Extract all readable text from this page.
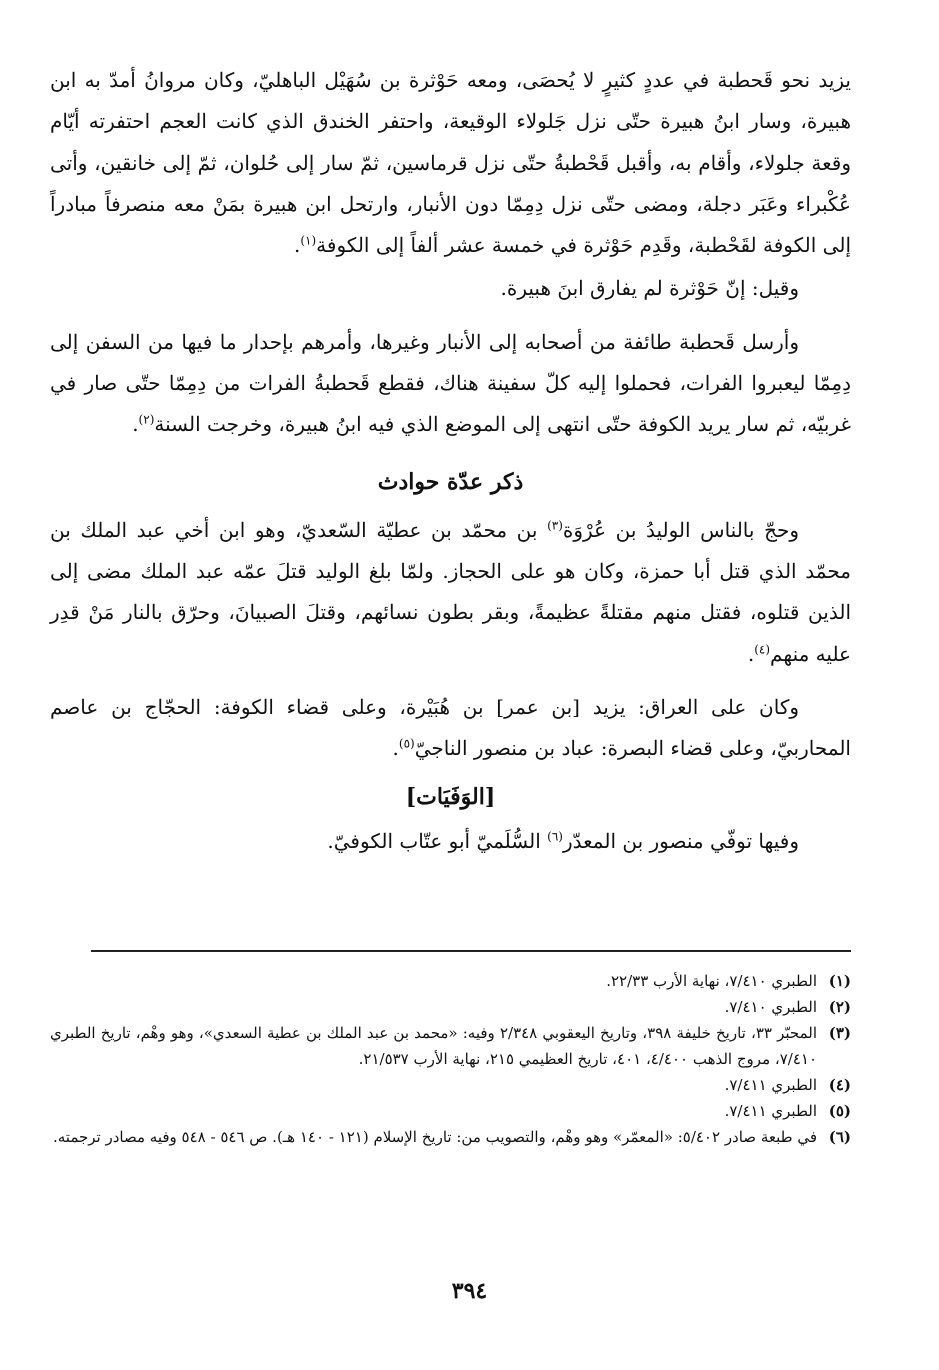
يزيد نحو قَحطبة في عددٍ كثيرٍ لا يُحصَى، ومعه حَوْثرة بن سُهَيْل الباهليّ، وكان مروانُ أمدّ به ابن هبيرة، وسار ابنُ هبيرة حتّى نزل جَلولاء الوقيعة، واحتفر الخندق الذي كانت العجم احتفرته أيّام وقعة جلولاء، وأقام به، وأقبل قَحْطبةُ حتّى نزل قرماسين، ثمّ سار إلى حُلوان، ثمّ إلى خانقين، وأتى عُكْبراء وعَبَر دجلة، ومضى حتّى نزل دِمِمّا دون الأنبار، وارتحل ابن هبيرة بمَنْ معه منصرفاً مبادراً إلى الكوفة لقَحْطبة، وقَدِم حَوْثرة في خمسة عشر ألفاً إلى الكوفة$^{(١)}$.

وقيل: إنّ حَوْثرة لم يفارق ابنَ هبيرة.

وأرسل قَحطبة طائفة من أصحابه إلى الأنبار وغيرها، وأمرهم بإحدار ما فيها من السفن إلى دِمِمّا ليعبروا الفرات، فحملوا إليه كلّ سفينة هناك، فقطع قَحطبةُ الفرات من دِمِمّا حتّى صار في غربيّه، ثم سار يريد الكوفة حتّى انتهى إلى الموضع الذي فيه ابنُ هبيرة، وخرجت السنة$^{(٢)}$.

ذكر عدّة حوادث

وحجّ بالناس الوليدُ بن عُرْوَة$^{(٣)}$ بن محمّد بن عطيّة السّعديّ، وهو ابن أخي عبد الملك بن محمّد الذي قتل أبا حمزة، وكان هو على الحجاز. ولمّا بلغ الوليد قتلَ عمّه عبد الملك مضى إلى الذين قتلوه، فقتل منهم مقتلةً عظيمةً، وبقر بطون نسائهم، وقتلَ الصبيانَ، وحرّق بالنار مَنْ قدِر عليه منهم$^{(٤)}$.

وكان على العراق: يزيد [بن عمر] بن هُبَيْرة، وعلى قضاء الكوفة: الحجّاج بن عاصم المحاربيّ، وعلى قضاء البصرة: عباد بن منصور الناجيّ$^{(٥)}$.

[الوَفَيَات]

وفيها توفّي منصور بن المعدّر$^{(٦)}$ السُّلَميّ أبو عتّاب الكوفيّ.

(١)
الطبري ٧/٤١٠، نهاية الأرب ٢٢/٣٣.
(٢)
الطبري ٧/٤١٠.
(٣)
المحبّر ٣٣، تاريخ خليفة ٣٩٨، وتاريخ اليعقوبي ٢/٣٤٨ وفيه: «محمد بن عبد الملك بن عطية السعدي»، وهو وهْم، تاريخ الطبري ٧/٤١٠، مروج الذهب ٤/٤٠٠، ٤٠١، تاريخ العظيمي ٢١٥، نهاية الأرب ٢١/٥٣٧.
(٤)
الطبري ٧/٤١١.
(٥)
الطبري ٧/٤١١.
(٦)
في طبعة صادر ٥/٤٠٢: «المعمّر» وهو وهْم، والتصويب من: تاريخ الإسلام (١٢١ - ١٤٠ هـ). ص ٥٤٦ - ٥٤٨ وفيه مصادر ترجمته.
٣٩٤
